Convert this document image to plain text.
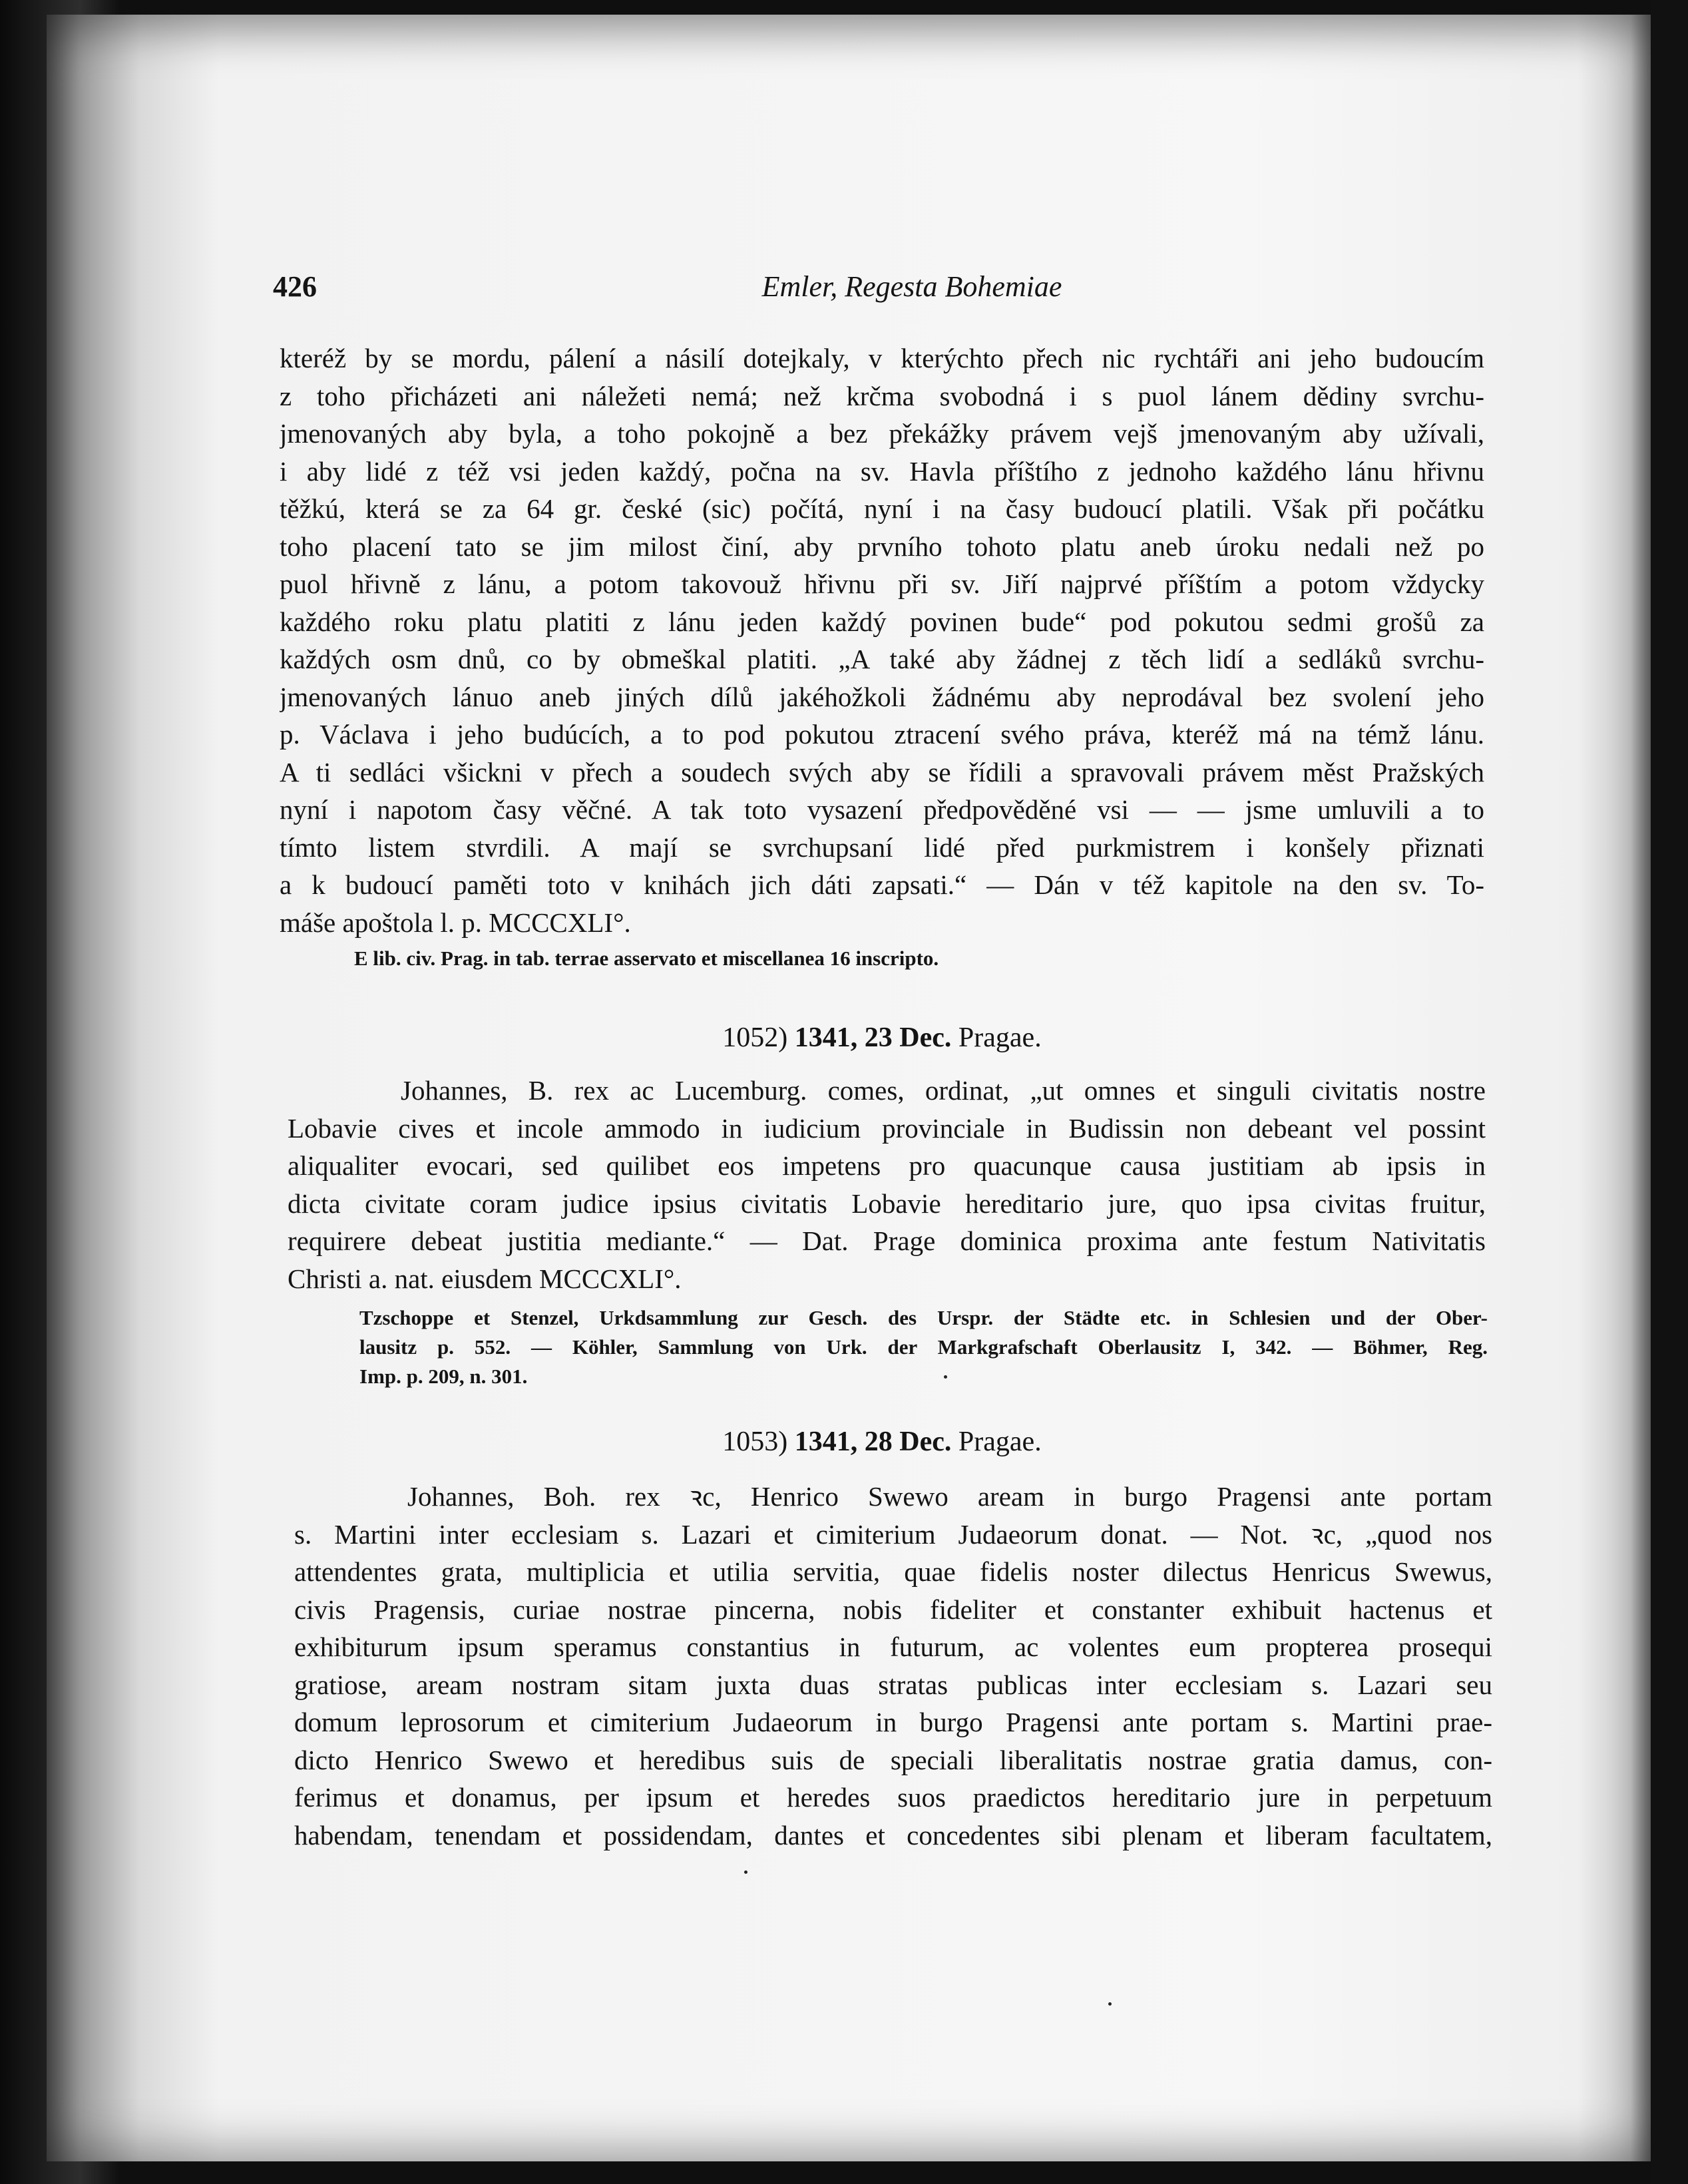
426	Emler, Regesta Bohemiae
kteréž by se mordu, pálení a násilí dotejkaly, v kterýchto přech nic rychtáři ani jeho budoucím
z toho přicházeti ani náležeti nemá; než krčma svobodná i s puol lánem dědiny svrchu-
jmenovaných aby byla, a toho pokojně a bez překážky právem vejš jmenovaným aby užívali,
i aby lidé z též vsi jeden každý, počna na sv. Havla příštího z jednoho každého lánu hřivnu
těžkú, která se za 64 gr. české (sic) počítá, nyní i na časy budoucí platili. Však při počátku
toho placení tato se jim milost činí, aby prvního tohoto platu aneb úroku nedali než po
puol hřivně z lánu, a potom takovouž hřivnu při sv. Jiří najprvé příštím a potom vždycky
každého roku platu platiti z lánu jeden každý povinen bude“ pod pokutou sedmi grošů za
každých osm dnů, co by obmeškal platiti. „A také aby žádnej z těch lidí a sedláků svrchu-
jmenovaných lánuo aneb jiných dílů jakéhožkoli žádnému aby neprodával bez svolení jeho
p. Václava i jeho budúcích, a to pod pokutou ztracení svého práva, kteréž má na témž lánu.
A ti sedláci všickni v přech a soudech svých aby se řídili a spravovali právem měst Pražských
nyní i napotom časy věčné. A tak toto vysazení předpověděné vsi — — jsme umluvili a to
tímto listem stvrdili. A mají se svrchupsaní lidé před purkmistrem i konšely přiznati
a k budoucí paměti toto v knihách jich dáti zapsati.“ — Dán v též kapitole na den sv. To-
máše apoštola l. p. MCCCXLI°.
E lib. civ. Prag. in tab. terrae asservato et miscellanea 16 inscripto.
1052) 1341, 23 Dec. Pragae.
Johannes, B. rex ac Lucemburg. comes, ordinat, „ut omnes et singuli civitatis nostre
Lobavie cives et incole ammodo in iudicium provinciale in Budissin non debeant vel possint
aliqualiter evocari, sed quilibet eos impetens pro quacunque causa justitiam ab ipsis in
dicta civitate coram judice ipsius civitatis Lobavie hereditario jure, quo ipsa civitas fruitur,
requirere debeat justitia mediante.“ — Dat. Prage dominica proxima ante festum Nativitatis
Christi a. nat. eiusdem MCCCXLI°.
Tzschoppe et Stenzel, Urkdsammlung zur Gesch. des Urspr. der Städte etc. in Schlesien und der Ober-
lausitz p. 552. — Köhler, Sammlung von Urk. der Markgrafschaft Oberlausitz I, 342. — Böhmer, Reg.
Imp. p. 209, n. 301.
1053) 1341, 28 Dec. Pragae.
Johannes, Boh. rex ꝛc, Henrico Swewo aream in burgo Pragensi ante portam
s. Martini inter ecclesiam s. Lazari et cimiterium Judaeorum donat. — Not. ꝛc, „quod nos
attendentes grata, multiplicia et utilia servitia, quae fidelis noster dilectus Henricus Swewus,
civis Pragensis, curiae nostrae pincerna, nobis fideliter et constanter exhibuit hactenus et
exhibiturum ipsum speramus constantius in futurum, ac volentes eum propterea prosequi
gratiose, aream nostram sitam juxta duas stratas publicas inter ecclesiam s. Lazari seu
domum leprosorum et cimiterium Judaeorum in burgo Pragensi ante portam s. Martini prae-
dicto Henrico Swewo et heredibus suis de speciali liberalitatis nostrae gratia damus, con-
ferimus et donamus, per ipsum et heredes suos praedictos hereditario jure in perpetuum
habendam, tenendam et possidendam, dantes et concedentes sibi plenam et liberam facultatem,
